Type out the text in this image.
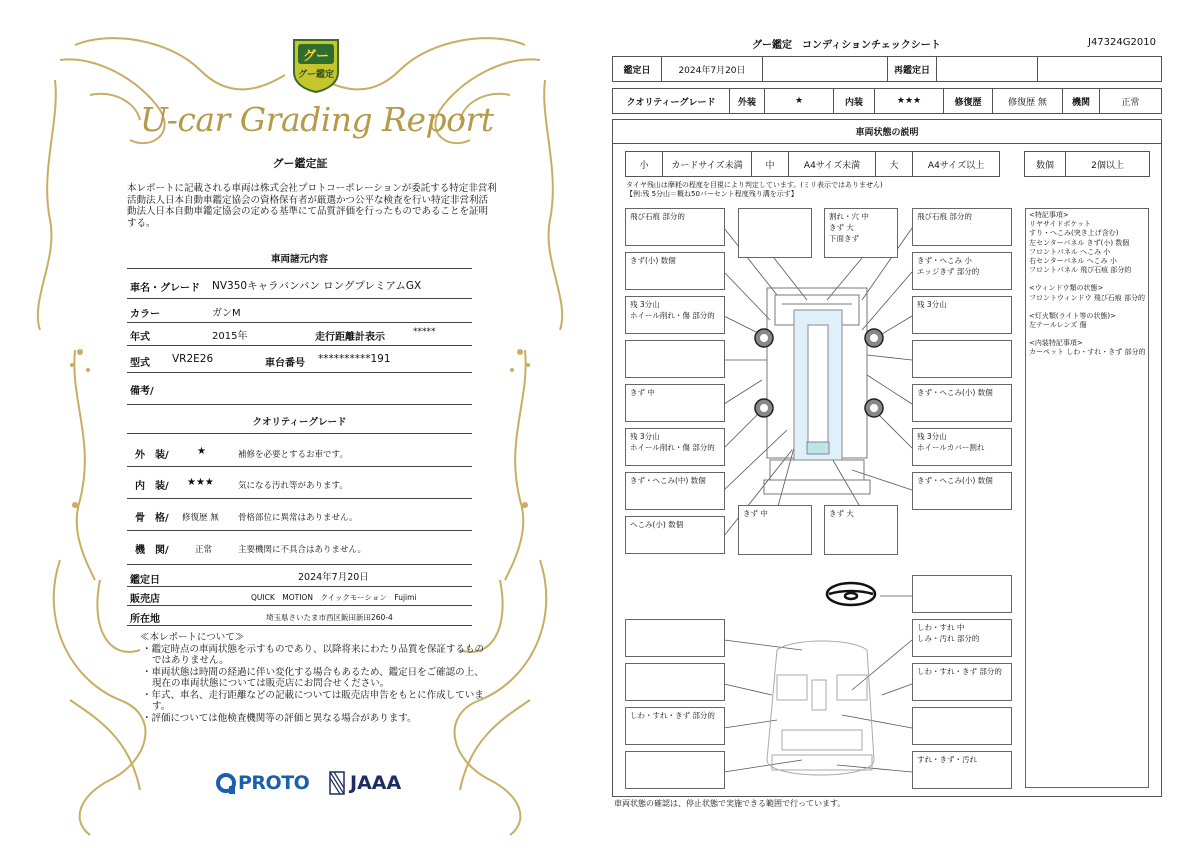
グー
グー鑑定
U-car Grading Report
グー鑑定証
本レポートに記載される車両は株式会社プロトコーポレーションが委託する特定非営利活動法人日本自動車鑑定協会の資格保有者が厳選かつ公平な検査を行い特定非営利活動法人日本自動車鑑定協会の定める基準にて品質評価を行ったものであることを証明する。
車両諸元内容
車名・グレード NV350キャラバンバン ロングプレミアムGX
カラー	ガンM
年式	2015年	走行距離計表示	*****
型式 VR2E26	車台番号 **********191
備考/
クオリティーグレード
外　装/	★	補修を必要とするお車です。
内　装/ ★★★	気になる汚れ等があります。
骨　格/ 修復歴 無 骨格部位に異常はありません。
機　関/	正常	主要機関に不具合はありません。
鑑定日	2024年7月20日
販売店	QUICK　MOTION　クイックモーション　Fujimi
所在地	埼玉県さいたま市西区飯田新田260-4
≪本レポートについて≫
・鑑定時点の車両状態を示すものであり、以降将来にわたり品質を保証するものではありません。
・車両状態は時間の経過に伴い変化する場合もあるため、鑑定日をご確認の上、現在の車両状態については販売店にお問合せください。
・年式、車名、走行距離などの記載については販売店申告をもとに作成しています。
・評価については他検査機関等の評価と異なる場合があります。
PROTO JAAA
グー鑑定　コンディションチェックシート	J47324G2010
鑑定日	2024年7月20日	再鑑定日
クオリティーグレード	外装	★	内装	★★★	修復歴	修復歴 無	機関	正常
車両状態の説明
小	カードサイズ未満	中	A4サイズ未満	大	A4サイズ以上	数個	2個以上
タイヤ残山は摩耗の程度を目視により判定しています。(ミリ表示ではありません)
【例:残 5分山＝概ね50パーセント程度残り溝を示す】
飛び石痕 部分的
きず(小) 数個
残 3分山
ホイール削れ・傷 部分的
きず 中
残 3分山
ホイール削れ・傷 部分的
きず・へこみ(中) 数個
へこみ(小) 数個
割れ・穴 中
きず 大
下面きず
飛び石痕 部分的
きず・へこみ 小
エッジきず 部分的
残 3分山
きず・へこみ(小) 数個
残 3分山
ホイールカバー割れ
きず・へこみ(小) 数個
きず 中	きず 大
しわ・すれ・きず 部分的
しわ・すれ 中
しみ・汚れ 部分的
しわ・すれ・きず 部分的
すれ・きず・汚れ
<特記事項>
リヤサイドポケット
すり・へこみ(突き上げ含む)
左センターパネル きず(小) 数個
フロントパネル へこみ 小
右センターパネル へこみ 小
フロントパネル 飛び石痕 部分的
<ウィンドウ類の状態>
フロントウィンドウ 飛び石痕 部分的
<灯火類(ライト等の状態)>
左テールレンズ 傷
<内装特記事項>
カーペット しわ・すれ・きず 部分的
車両状態の確認は、停止状態で実施できる範囲で行っています。
